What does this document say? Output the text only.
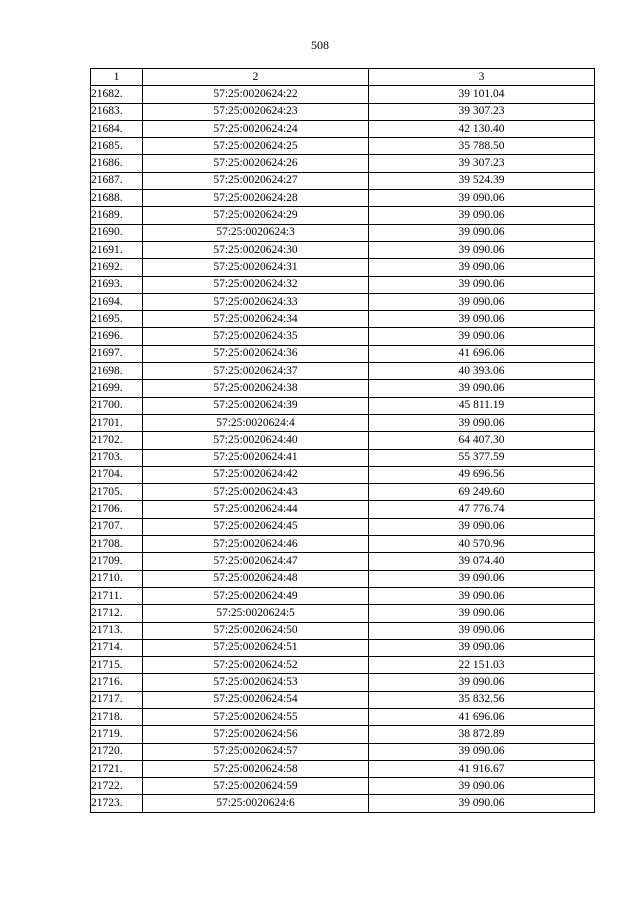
508
1	2	3
21682.	57:25:0020624:22	39 101.04
21683.	57:25:0020624:23	39 307.23
21684.	57:25:0020624:24	42 130.40
21685.	57:25:0020624:25	35 788.50
21686.	57:25:0020624:26	39 307.23
21687.	57:25:0020624:27	39 524.39
21688.	57:25:0020624:28	39 090.06
21689.	57:25:0020624:29	39 090.06
21690.	57:25:0020624:3	39 090.06
21691.	57:25:0020624:30	39 090.06
21692.	57:25:0020624:31	39 090.06
21693.	57:25:0020624:32	39 090.06
21694.	57:25:0020624:33	39 090.06
21695.	57:25:0020624:34	39 090.06
21696.	57:25:0020624:35	39 090.06
21697.	57:25:0020624:36	41 696.06
21698.	57:25:0020624:37	40 393.06
21699.	57:25:0020624:38	39 090.06
21700.	57:25:0020624:39	45 811.19
21701.	57:25:0020624:4	39 090.06
21702.	57:25:0020624:40	64 407.30
21703.	57:25:0020624:41	55 377.59
21704.	57:25:0020624:42	49 696.56
21705.	57:25:0020624:43	69 249.60
21706.	57:25:0020624:44	47 776.74
21707.	57:25:0020624:45	39 090.06
21708.	57:25:0020624:46	40 570.96
21709.	57:25:0020624:47	39 074.40
21710.	57:25:0020624:48	39 090.06
21711.	57:25:0020624:49	39 090.06
21712.	57:25:0020624:5	39 090.06
21713.	57:25:0020624:50	39 090.06
21714.	57:25:0020624:51	39 090.06
21715.	57:25:0020624:52	22 151.03
21716.	57:25:0020624:53	39 090.06
21717.	57:25:0020624:54	35 832.56
21718.	57:25:0020624:55	41 696.06
21719.	57:25:0020624:56	38 872.89
21720.	57:25:0020624:57	39 090.06
21721.	57:25:0020624:58	41 916.67
21722.	57:25:0020624:59	39 090.06
21723.	57:25:0020624:6	39 090.06
